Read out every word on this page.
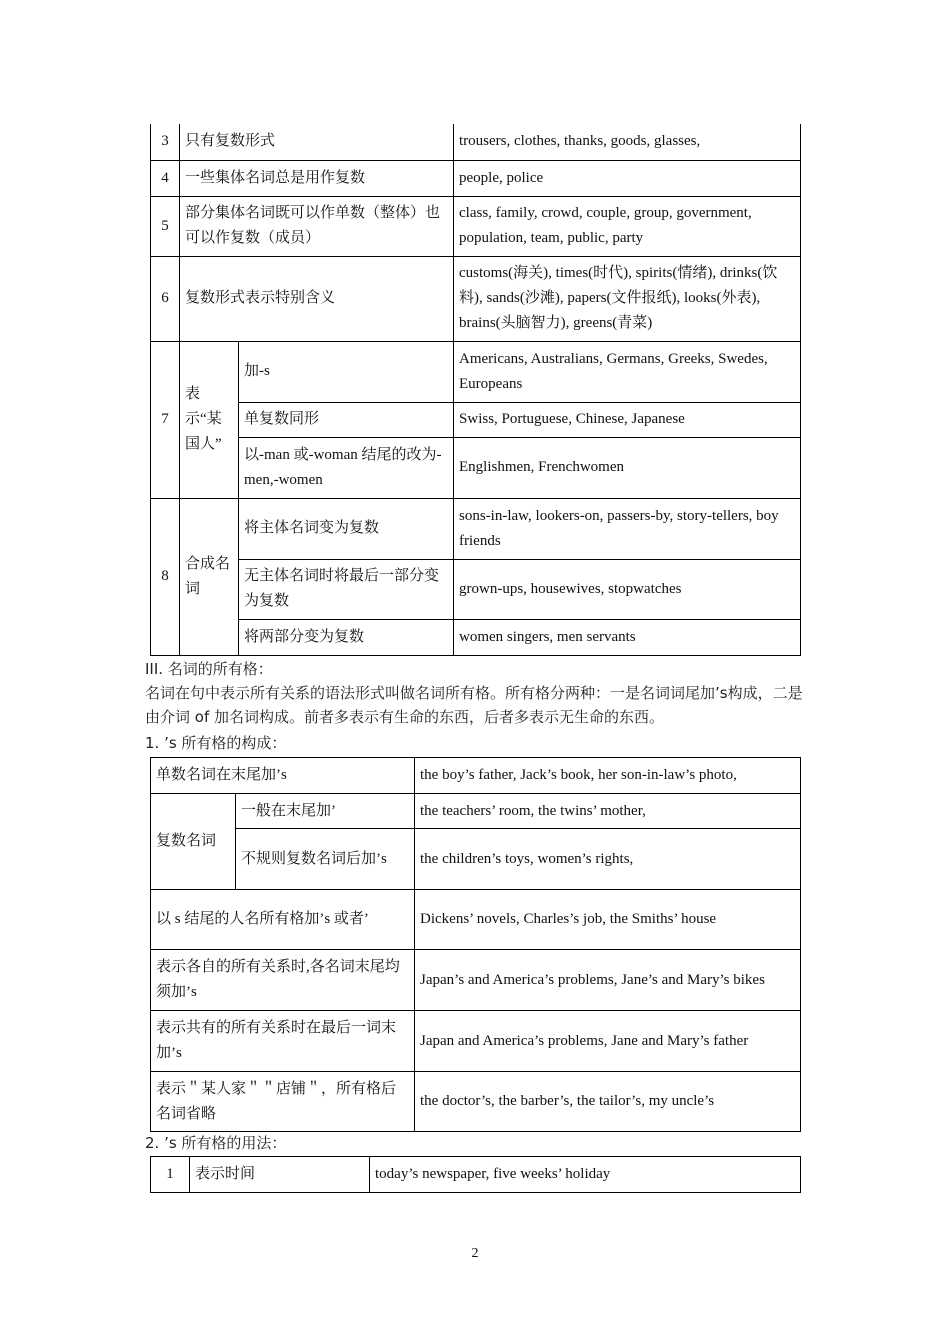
3	只有复数形式		trousers, clothes, thanks, goods, glasses,
4	一些集体名词总是用作复数		people, police
5	部分集体名词既可以作单数（整体）也可以作复数（成员）		class, family, crowd, couple, group, government, population, team, public, party
6	复数形式表示特别含义		customs(海关), times(时代), spirits(情绪), drinks(饮料), sands(沙滩), papers(文件报纸), looks(外表), brains(头脑智力), greens(青菜)
7	表示“某国人”	加-s	Americans, Australians, Germans, Greeks, Swedes, Europeans
		单复数同形	Swiss, Portuguese, Chinese, Japanese
		以-man 或-woman 结尾的改为-men,-women	Englishmen, Frenchwomen
8	合成名词	将主体名词变为复数	sons-in-law, lookers-on, passers-by, story-tellers, boy friends
		无主体名词时将最后一部分变为复数	grown-ups, housewives, stopwatches
		将两部分变为复数	women singers, men servants
III. 名词的所有格：
名词在句中表示所有关系的语法形式叫做名词所有格。所有格分两种：一是名词词尾加’s构成，二是由介词 of 加名词构成。前者多表示有生命的东西，后者多表示无生命的东西。
1. ’s 所有格的构成：
单数名词在末尾加’s		the boy’s father, Jack’s book, her son-in-law’s photo,
复数名词	一般在末尾加’	the teachers’ room, the twins’ mother,
	不规则复数名词后加’s	the children’s toys, women’s rights,
以 s 结尾的人名所有格加’s 或者’		Dickens’ novels, Charles’s job, the Smiths’ house
表示各自的所有关系时,各名词末尾均须加’s		Japan’s and America’s problems, Jane’s and Mary’s bikes
表示共有的所有关系时在最后一词末加’s		Japan and America’s problems, Jane and Mary’s father
表示＂某人家＂＂店铺＂，所有格后名词省略		the doctor’s, the barber’s, the tailor’s, my uncle’s
2. ’s 所有格的用法：
1	表示时间	today’s newspaper, five weeks’ holiday
2
